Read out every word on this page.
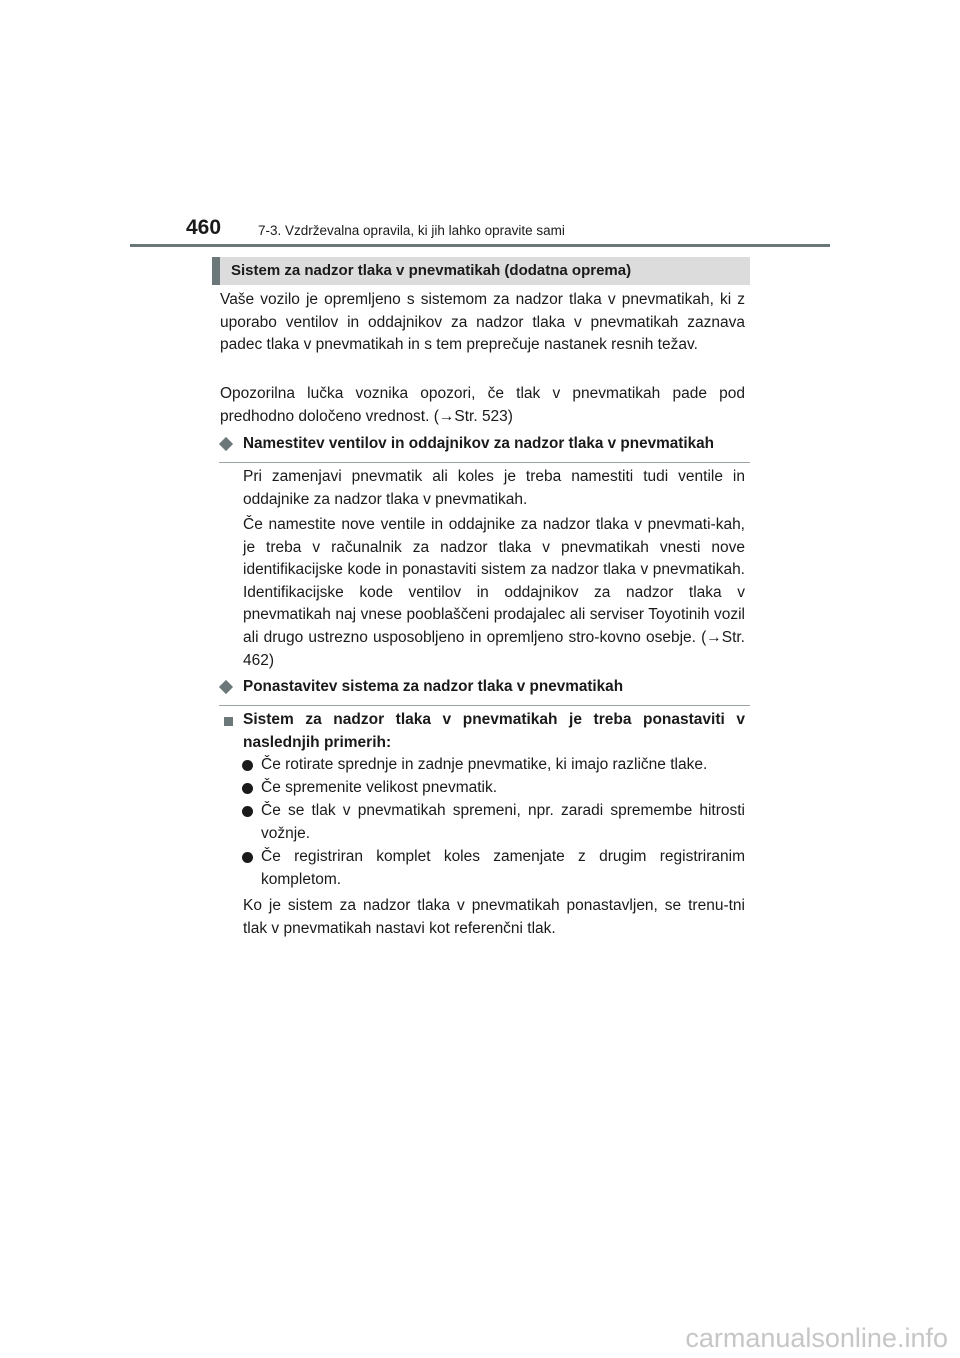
460	7-3. Vzdrževalna opravila, ki jih lahko opravite sami
Sistem za nadzor tlaka v pnevmatikah (dodatna oprema)

Vaše vozilo je opremljeno s sistemom za nadzor tlaka v pnevmatikah, ki z uporabo ventilov in oddajnikov za nadzor tlaka v pnevmatikah zaznava padec tlaka v pnevmatikah in s tem preprečuje nastanek resnih težav.

Opozorilna lučka voznika opozori, če tlak v pnevmatikah pade pod predhodno določeno vrednost. (→Str. 523)

Namestitev ventilov in oddajnikov za nadzor tlaka v pnevmatikah

Pri zamenjavi pnevmatik ali koles je treba namestiti tudi ventile in oddajnike za nadzor tlaka v pnevmatikah.

Če namestite nove ventile in oddajnike za nadzor tlaka v pnevmati-kah, je treba v računalnik za nadzor tlaka v pnevmatikah vnesti nove identifikacijske kode in ponastaviti sistem za nadzor tlaka v pnevmatikah. Identifikacijske kode ventilov in oddajnikov za nadzor tlaka v pnevmatikah naj vnese pooblaščeni prodajalec ali serviser Toyotinih vozil ali drugo ustrezno usposobljeno in opremljeno stro-kovno osebje. (→Str. 462)

Ponastavitev sistema za nadzor tlaka v pnevmatikah

Sistem za nadzor tlaka v pnevmatikah je treba ponastaviti v naslednjih primerih:

Če rotirate sprednje in zadnje pnevmatike, ki imajo različne tlake.

Če spremenite velikost pnevmatik.

Če se tlak v pnevmatikah spremeni, npr. zaradi spremembe hitrosti vožnje.

Če registriran komplet koles zamenjate z drugim registriranim kompletom.

Ko je sistem za nadzor tlaka v pnevmatikah ponastavljen, se trenu-tni tlak v pnevmatikah nastavi kot referenčni tlak.

carmanualsonline.info
